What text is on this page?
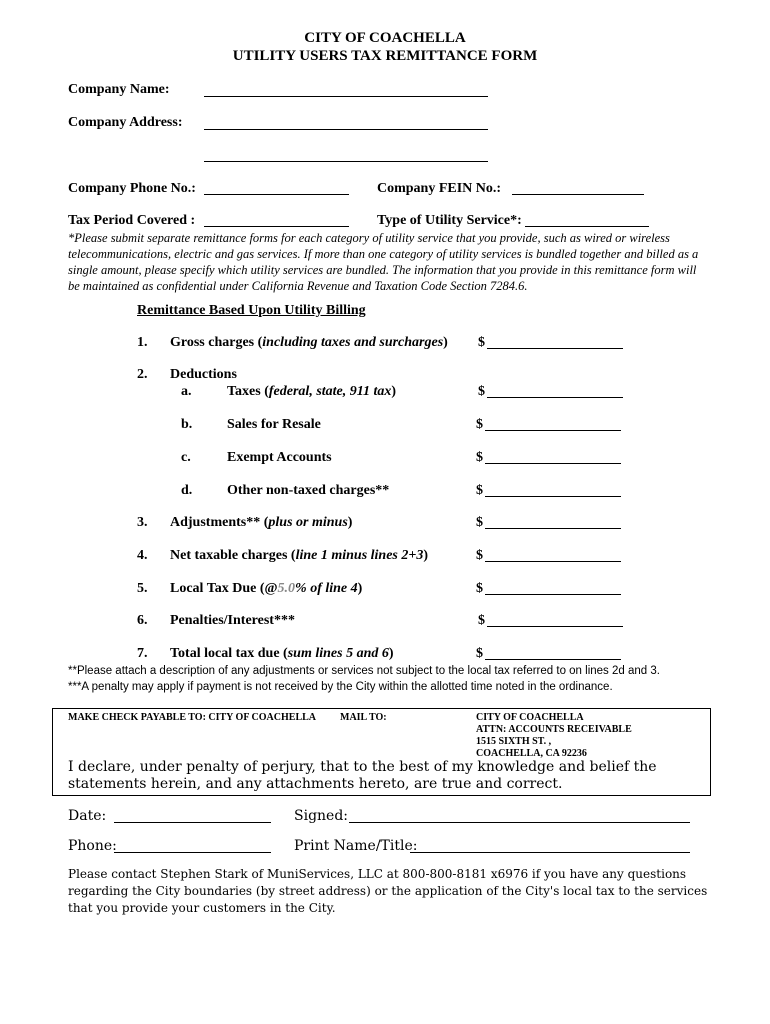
CITY OF COACHELLA
UTILITY USERS TAX REMITTANCE FORM
Company Name:
Company Address:
Company Phone No.:	Company FEIN No.:
Tax Period Covered :	Type of Utility Service*:
*Please submit separate remittance forms for each category of utility service that you provide, such as wired or wireless telecommunications, electric and gas services. If more than one category of utility services is bundled together and billed as a single amount, please specify which utility services are bundled. The information that you provide in this remittance form will be maintained as confidential under California Revenue and Taxation Code Section 7284.6.
Remittance Based Upon Utility Billing
1. Gross charges (including taxes and surcharges) $
2. Deductions
a.	Taxes (federal, state, 911 tax)	$
b. Sales for Resale	$
c.	Exempt Accounts	$
d. Other non-taxed charges**	$
3. Adjustments** (plus or minus)	$
4. Net taxable charges (line 1 minus lines 2+3)	$
5. Local Tax Due (@5.0% of line 4)	$
6. Penalties/Interest***	$
7. Total local tax due (sum lines 5 and 6)	$
**Please attach a description of any adjustments or services not subject to the local tax referred to on lines 2d and 3.
***A penalty may apply if payment is not received by the City within the allotted time noted in the ordinance.
MAKE CHECK PAYABLE TO: CITY OF COACHELLA MAIL TO:	CITY OF COACHELLA
ATTN: ACCOUNTS RECEIVABLE
1515 SIXTH ST. ,
COACHELLA, CA 92236
I declare, under penalty of perjury, that to the best of my knowledge and belief the statements herein, and any attachments hereto, are true and correct.
Date:	Signed:
Phone:	Print Name/Title:
Please contact Stephen Stark of MuniServices, LLC at 800-800-8181 x6976 if you have any questions regarding the City boundaries (by street address) or the application of the City's local tax to the services that you provide your customers in the City.
